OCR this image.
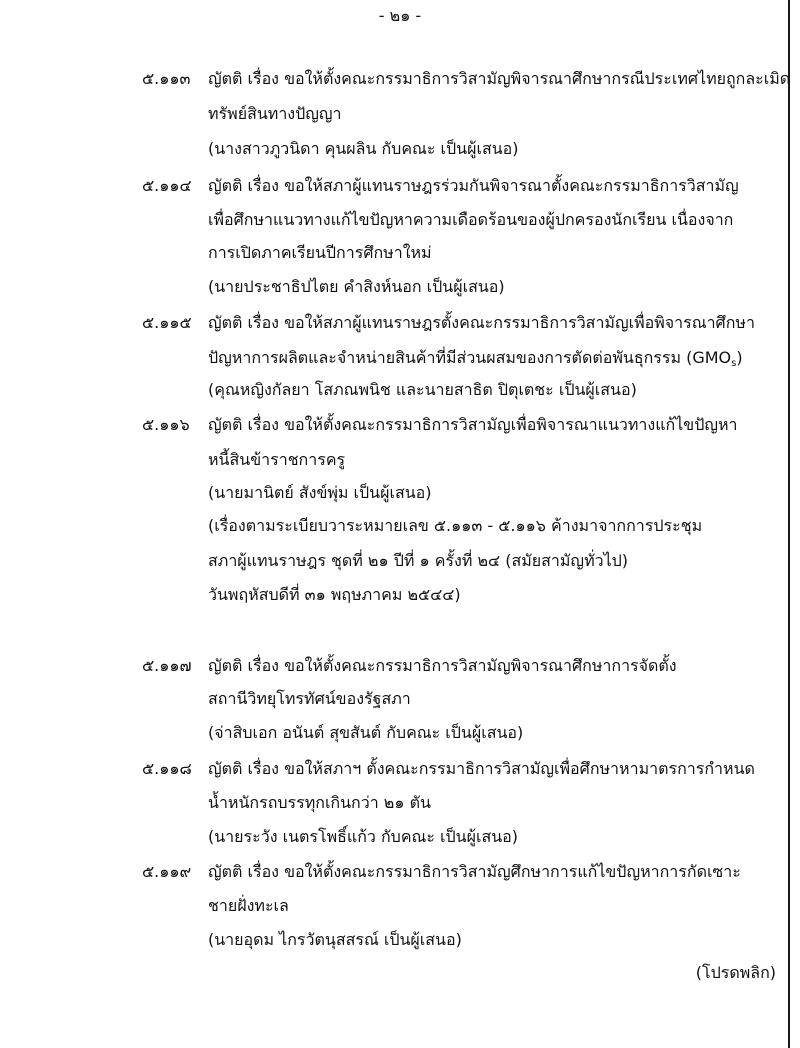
- ๒๑ -
๕.๑๑๓ ญัตติ เรื่อง ขอให้ตั้งคณะกรรมาธิการวิสามัญพิจารณาศึกษากรณีประเทศไทยถูกละเมิด
ทรัพย์สินทางปัญญา
(นางสาวภูวนิดา คุนผลิน กับคณะ เป็นผู้เสนอ)
๕.๑๑๔ ญัตติ เรื่อง ขอให้สภาผู้แทนราษฎรร่วมกันพิจารณาตั้งคณะกรรมาธิการวิสามัญ
เพื่อศึกษาแนวทางแก้ไขปัญหาความเดือดร้อนของผู้ปกครองนักเรียน เนื่องจาก
การเปิดภาคเรียนปีการศึกษาใหม่
(นายประชาธิปไตย คำสิงห์นอก เป็นผู้เสนอ)
๕.๑๑๕ ญัตติ เรื่อง ขอให้สภาผู้แทนราษฎรตั้งคณะกรรมาธิการวิสามัญเพื่อพิจารณาศึกษา
ปัญหาการผลิตและจำหน่ายสินค้าที่มีส่วนผสมของการตัดต่อพันธุกรรม $(GMO_s)$
(คุณหญิงกัลยา โสภณพนิช และนายสาธิต ปิตุเตชะ เป็นผู้เสนอ)
๕.๑๑๖ ญัตติ เรื่อง ขอให้ตั้งคณะกรรมาธิการวิสามัญเพื่อพิจารณาแนวทางแก้ไขปัญหา
หนี้สินข้าราชการครู
(นายมานิตย์ สังข์พุ่ม เป็นผู้เสนอ)
(เรื่องตามระเบียบวาระหมายเลข ๕.๑๑๓ - ๕.๑๑๖ ค้างมาจากการประชุม
สภาผู้แทนราษฎร ชุดที่ ๒๑ ปีที่ ๑ ครั้งที่ ๒๔ (สมัยสามัญทั่วไป)
วันพฤหัสบดีที่ ๓๑ พฤษภาคม ๒๕๔๔)
๕.๑๑๗ ญัตติ เรื่อง ขอให้ตั้งคณะกรรมาธิการวิสามัญพิจารณาศึกษาการจัดตั้ง
สถานีวิทยุโทรทัศน์ของรัฐสภา
(จ่าสิบเอก อนันต์ สุขสันต์ กับคณะ เป็นผู้เสนอ)
๕.๑๑๘ ญัตติ เรื่อง ขอให้สภาฯ ตั้งคณะกรรมาธิการวิสามัญเพื่อศึกษาหามาตรการกำหนด
น้ำหนักรถบรรทุกเกินกว่า ๒๑ ตัน
(นายระวัง เนตรโพธิ์แก้ว กับคณะ เป็นผู้เสนอ)
๕.๑๑๙ ญัตติ เรื่อง ขอให้ตั้งคณะกรรมาธิการวิสามัญศึกษาการแก้ไขปัญหาการกัดเซาะ
ชายฝั่งทะเล
(นายอุดม ไกรวัตนุสสรณ์ เป็นผู้เสนอ)
(โปรดพลิก)
